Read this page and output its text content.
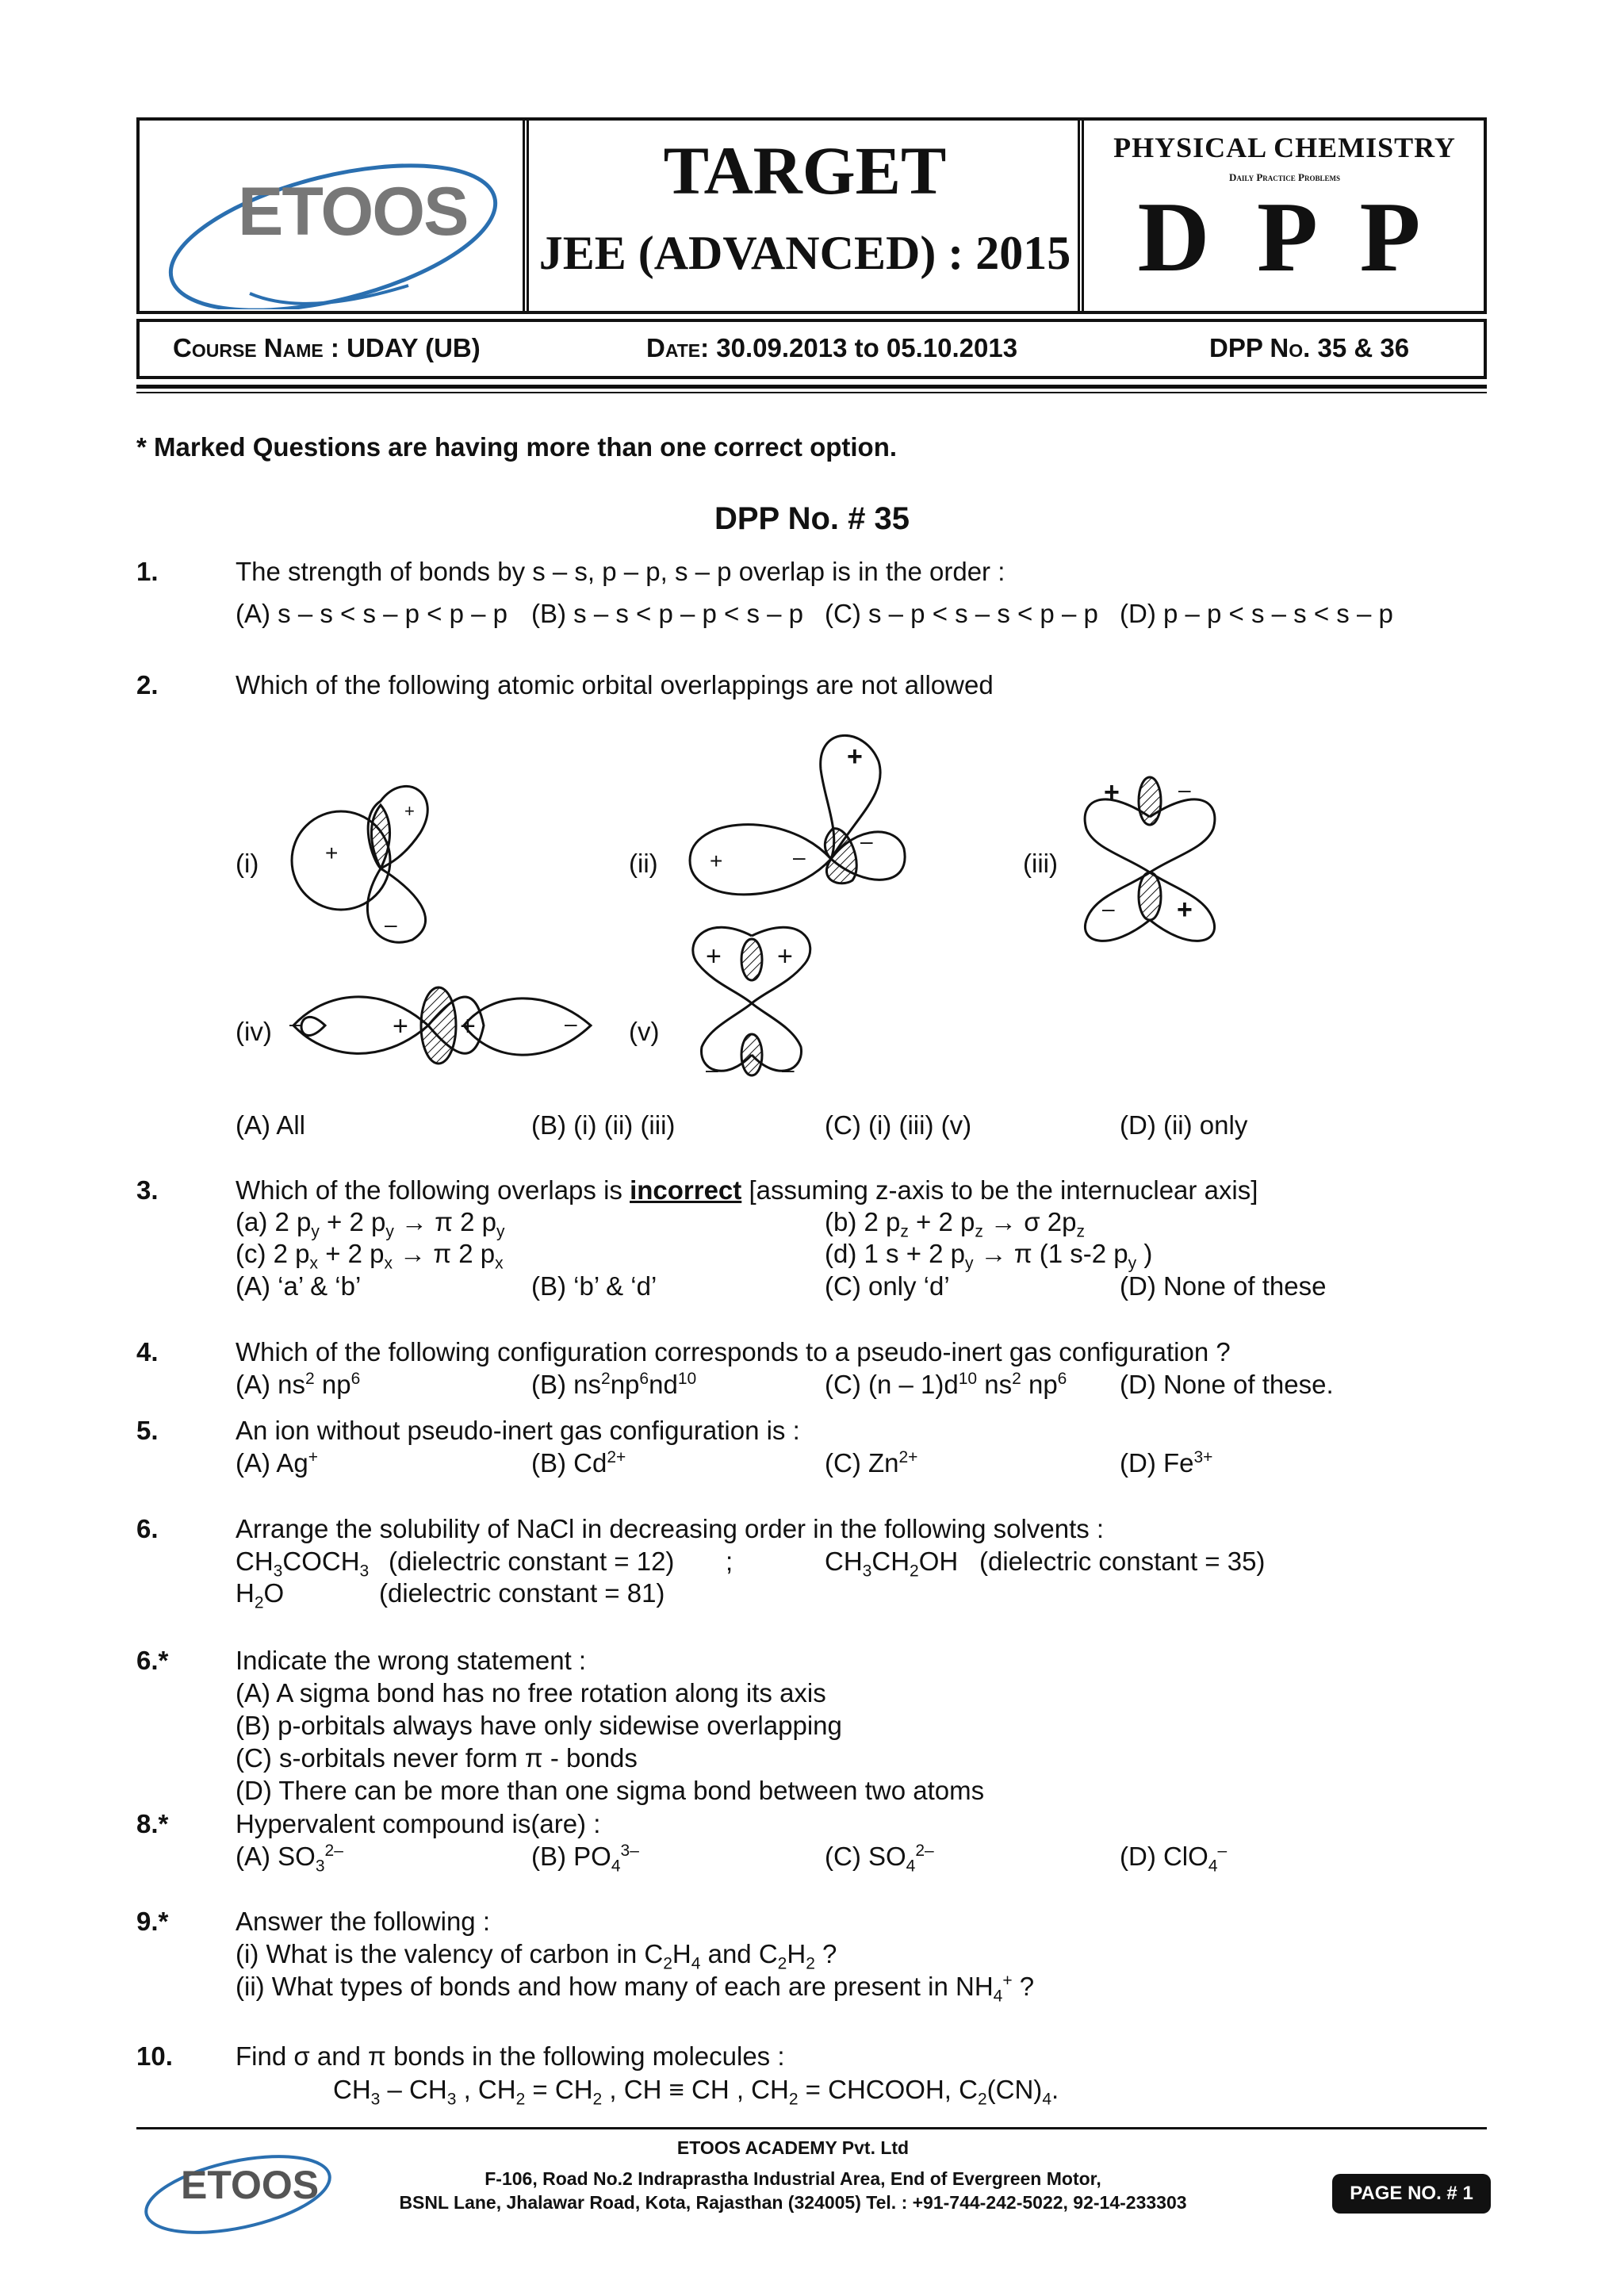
ETOOS
TARGET
JEE (ADVANCED) : 2015
PHYSICAL CHEMISTRY
Daily Practice Problems
D P P
Course Name : UDAY (UB)	Date: 30.09.2013 to 05.10.2013	DPP No. 35 & 36
* Marked Questions are having more than one correct option.
DPP No. # 35
1.	The strength of bonds by s – s, p – p, s – p overlap is in the order :
(A) s – s < s – p < p – p (B) s – s < p – p < s – p (C) s – p < s – s < p – p (D) p – p < s – s < s – p
2.	Which of the following atomic orbital overlappings are not allowed
+
+
–
+	–
+
–
+	–
– +
–	+ +	–
+ +
–	–
(i)	(ii)	(iii)
(iv)	(v)
(A) All	(B) (i) (ii) (iii)	(C) (i) (iii) (v)	(D) (ii) only
3.	Which of the following overlaps is incorrect [assuming z-axis to be the internuclear axis]
(a) 2 $p_y + 2$ $p_y \to \pi$ 2 $p_y$	(b) 2 $p_z + 2$ $p_z \to \sigma$ $2p_z$
(c) 2 $p_x + 2$ $p_x \to \pi$ 2 $p_x$	(d) 1 s + 2 $p_y \to \pi$ (1 s-2 $p_y$ )
(A) ‘a’ & ‘b’	(B) ‘b’ & ‘d’	(C) only ‘d’	(D) None of these
4.	Which of the following configuration corresponds to a pseudo-inert gas configuration ?
(A) $ns^2$ $np^6$	(B) $ns^2np^6nd^{10}$	(C) $(n - 1)d^{10}$ $ns^2$ $np^6$ (D) None of these.
5.	An ion without pseudo-inert gas configuration is :
(A) Ag+	(B) $Cd^{2+}$	(C) $Zn^{2+}$	(D) $Fe^{3+}$
6.	Arrange the solubility of NaCl in decreasing order in the following solvents :
$CH_3COCH_3$ (dielectric constant = 12) ;	$CH_3CH_2OH$ (dielectric constant = 35)
$H_2O$	(dielectric constant = 81)
6.*	Indicate the wrong statement :
(A) A sigma bond has no free rotation along its axis
(B) p-orbitals always have only sidewise overlapping
(C) s-orbitals never form π - bonds
(D) There can be more than one sigma bond between two atoms
8.*	Hypervalent compound is(are) :
(A) $SO_3^{2-}$	(B) $PO_4^{3-}$	(C) $SO_4^{2-}$	(D) ClO$_4$–
9.*	Answer the following :
(i) What is the valency of carbon in $C_2H_4$ and $C_2H_2$ ?
(ii) What types of bonds and how many of each are present in $NH_4^+$ ?
10. Find σ and π bonds in the following molecules :
$CH_3 - CH_3$ , $CH_2 = CH_2$ , CH ≡ CH , $CH_2$ = CHCOOH, $C_2(CN)_4$.
ETOOS
ETOOS ACADEMY Pvt. Ltd
F-106, Road No.2 Indraprastha Industrial Area, End of Evergreen Motor,
BSNL Lane, Jhalawar Road, Kota, Rajasthan (324005) Tel. : +91-744-242-5022, 92-14-233303	PAGE NO. # 1
